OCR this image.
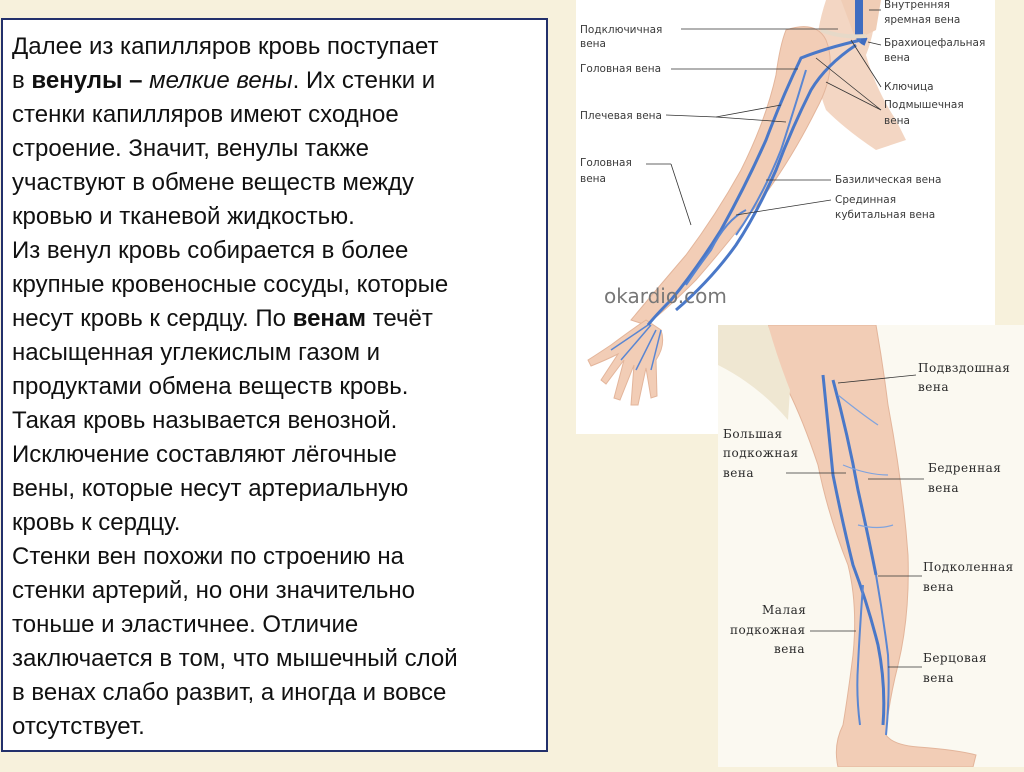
Далее из капилляров кровь поступает
в венулы – мелкие вены. Их стенки и
стенки капилляров имеют сходное
строение. Значит, венулы также
участвуют в обмене веществ между
кровью и тканевой жидкостью.

Из венул кровь собирается в более
крупные кровеносные сосуды, которые
несут кровь к сердцу. По венам течёт
насыщенная углекислым газом и
продуктами обмена веществ кровь.
Такая кровь называется венозной.

Исключение составляют лёгочные
вены, которые несут артериальную
кровь к сердцу.

Стенки вен похожи по строению на
стенки артерий, но они значительно
тоньше и эластичнее. Отличие
заключается в том, что мышечный слой
в венах слабо развит, а иногда и вовсе
отсутствует.

Подключичная
вена
Головная вена
Плечевая вена
Головная
вена
Внутренняя
яремная вена
Брахиоцефальная
вена
Ключица
Подмышечная
вена
Базилическая вена
Срединная
кубитальная вена
okardio.com
Подвздошная
вена
Большая
подкожная
вена	Бедренная
вена
Подколенная
вена
Малая
подкожная
вена
Берцовая
вена
